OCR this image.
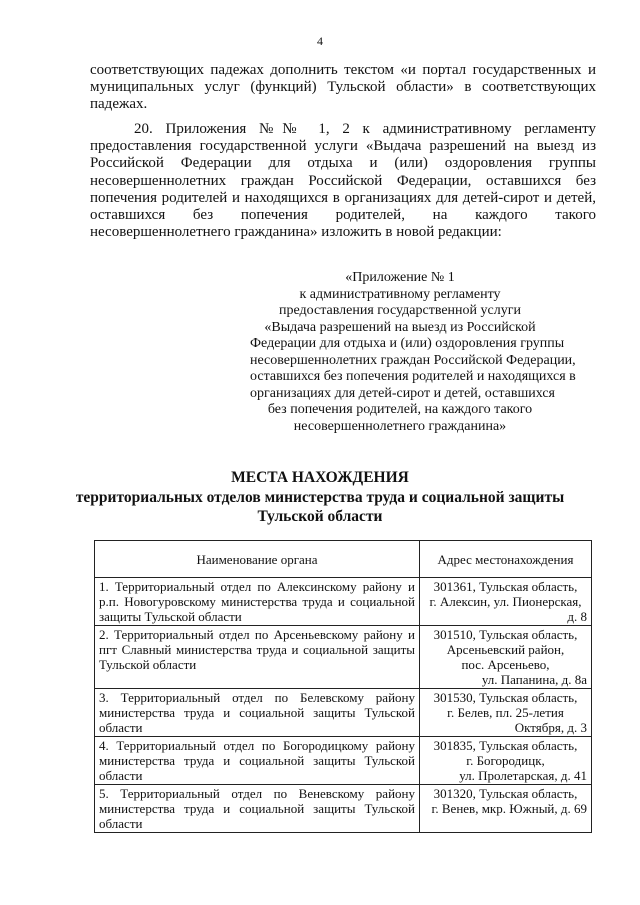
4

соответствующих падежах дополнить текстом «и портал государственных и муниципальных услуг (функций) Тульской области» в соответствующих падежах.

20. Приложения №№ 1, 2 к административному регламенту предоставления государственной услуги «Выдача разрешений на выезд из Российской Федерации для отдыха и (или) оздоровления группы несовершеннолетних граждан Российской Федерации, оставшихся без попечения родителей и находящихся в организациях для детей-сирот и детей, оставшихся без попечения родителей, на каждого такого несовершеннолетнего гражданина» изложить в новой редакции:

«Приложение № 1
к административному регламенту
предоставления государственной услуги
«Выдача разрешений на выезд из Российской
Федерации для отдыха и (или) оздоровления группы
несовершеннолетних граждан Российской Федерации,
оставшихся без попечения родителей и находящихся в
организациях для детей-сирот и детей, оставшихся
без попечения родителей, на каждого такого
несовершеннолетнего гражданина»
МЕСТА НАХОЖДЕНИЯ
территориальных отделов министерства труда и социальной защиты
Тульской области
Наименование органа	Адрес местонахождения
1. Территориальный отдел по Алексинскому району и р.п. Новогуровскому министерства труда и социальной защиты Тульской области	301361, Тульская область,
г. Алексин, ул. Пионерская,
д. 8

2. Территориальный отдел по Арсеньевскому району и пгт Славный министерства труда и социальной защиты Тульской области	301510, Тульская область,
Арсеньевский район,
пос. Арсеньево,
ул. Папанина, д. 8а

3. Территориальный отдел по Белевскому району министерства труда и социальной защиты Тульской области	301530, Тульская область,
г. Белев, пл. 25-летия
Октября, д. 3

4. Территориальный отдел по Богородицкому району министерства труда и социальной защиты Тульской области	301835, Тульская область,
г. Богородицк,
ул. Пролетарская, д. 41

5. Территориальный отдел по Веневскому району министерства труда и социальной защиты Тульской области	301320, Тульская область,
г. Венев, мкр. Южный, д. 69
